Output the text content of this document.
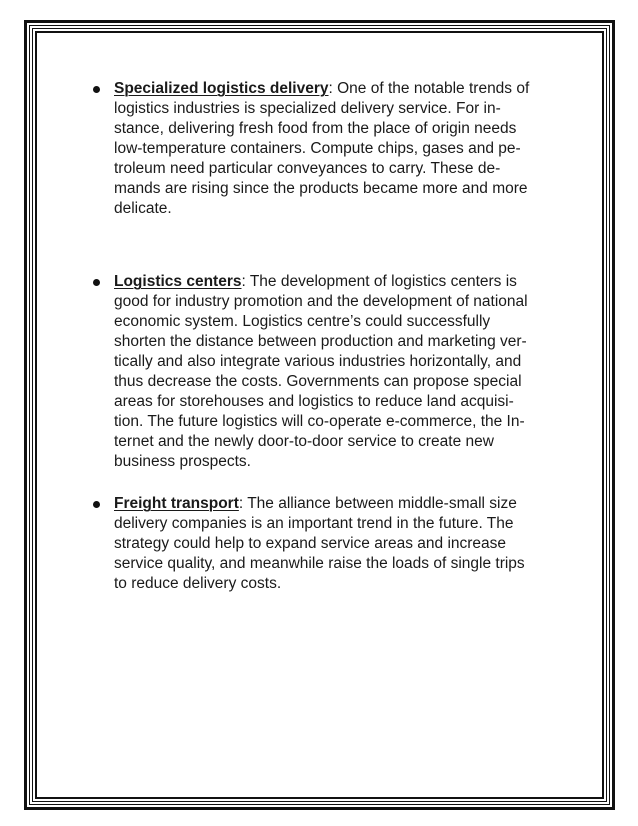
Specialized logistics delivery: One of the notable trends of
logistics industries is specialized delivery service. For in-
stance, delivering fresh food from the place of origin needs
low-temperature containers. Compute chips, gases and pe-
troleum need particular conveyances to carry. These de-
mands are rising since the products became more and more
delicate.
Logistics centers: The development of logistics centers is
good for industry promotion and the development of national
economic system. Logistics centre’s could successfully
shorten the distance between production and marketing ver-
tically and also integrate various industries horizontally, and
thus decrease the costs. Governments can propose special
areas for storehouses and logistics to reduce land acquisi-
tion. The future logistics will co-operate e-commerce, the In-
ternet and the newly door-to-door service to create new
business prospects.
Freight transport: The alliance between middle-small size
delivery companies is an important trend in the future. The
strategy could help to expand service areas and increase
service quality, and meanwhile raise the loads of single trips
to reduce delivery costs.
